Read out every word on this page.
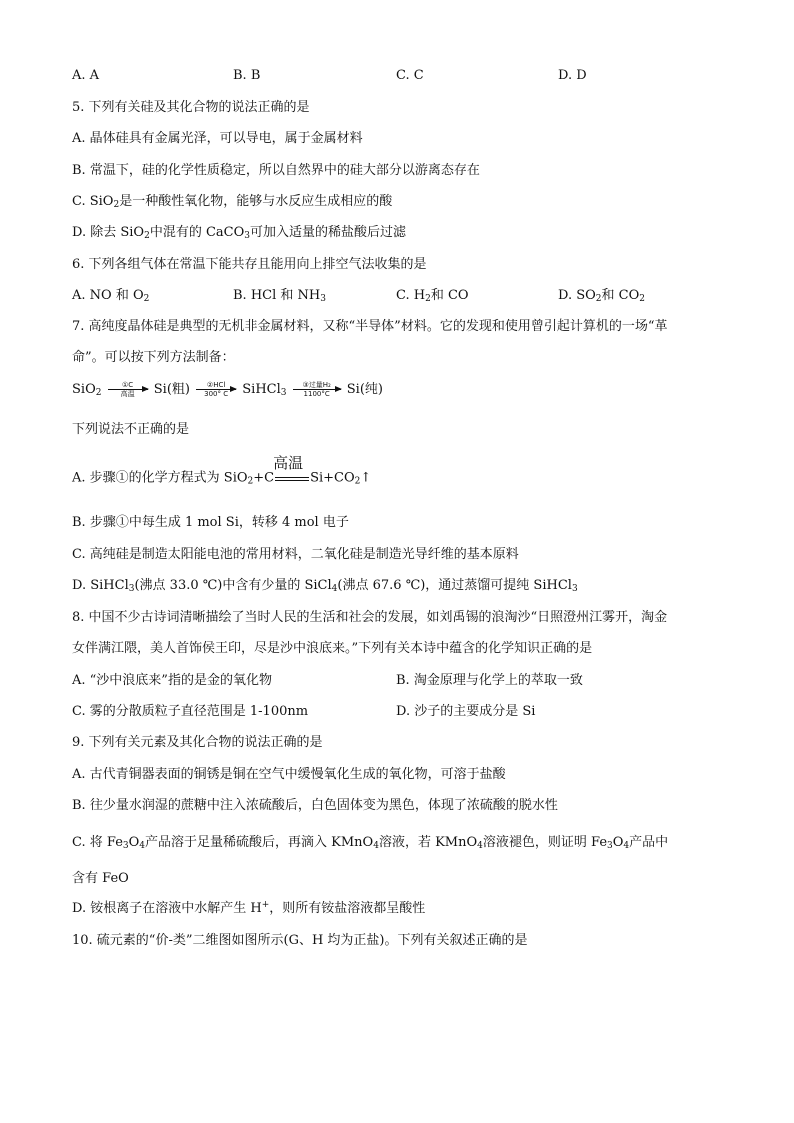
A. A	B. B	C. C	D. D
5. 下列有关硅及其化合物的说法正确的是
A. 晶体硅具有金属光泽，可以导电，属于金属材料
B. 常温下，硅的化学性质稳定，所以自然界中的硅大部分以游离态存在
C. SiO$_2$是一种酸性氧化物，能够与水反应生成相应的酸
D. 除去 SiO$_2$中混有的 CaCO$_3$可加入适量的稀盐酸后过滤
6. 下列各组气体在常温下能共存且能用向上排空气法收集的是
A. NO 和 $O_2$	B. HCl 和 $NH_3$	C. $H_2$和 CO	D. $SO_2$和 $CO_2$
7. 高纯度晶体硅是典型的无机非金属材料，又称“半导体”材料。它的发现和使用曾引起计算机的一场“革
命”。可以按下列方法制备：
SiO$_2$
①C
高温	Si(粗)	②HCl
300° C	SiHCl$_3$
③过量H₂
1100°C	Si(纯)
下列说法不正确的是
A. 步骤①的化学方程式为 SiO$_2$+C
高温
$Si+CO_2↑$
B. 步骤①中每生成 1 mol Si，转移 4 mol 电子
C. 高纯硅是制造太阳能电池的常用材料，二氧化硅是制造光导纤维的基本原料
D. SiHCl$_3$(沸点 33.0 ℃)中含有少量的 SiCl$_4$(沸点 67.6 ℃)，通过蒸馏可提纯 SiHCl$_3$
8. 中国不少古诗词清晰描绘了当时人民的生活和社会的发展，如刘禹锡的浪淘沙“日照澄州江雾开，淘金
女伴满江隈，美人首饰侯王印，尽是沙中浪底来。”下列有关本诗中蕴含的化学知识正确的是
A. “沙中浪底来”指的是金的氧化物	B. 淘金原理与化学上的萃取一致
C. 雾的分散质粒子直径范围是 1-100nm	D. 沙子的主要成分是 Si
9. 下列有关元素及其化合物的说法正确的是
A. 古代青铜器表面的铜锈是铜在空气中缓慢氧化生成的氧化物，可溶于盐酸
B. 往少量水润湿的蔗糖中注入浓硫酸后，白色固体变为黑色，体现了浓硫酸的脱水性
C. 将 $Fe_3O_4$产品溶于足量稀硫酸后，再滴入 KMnO$_4$溶液，若 KMnO$_4$溶液褪色，则证明 $Fe_3O_4$产品中
含有 FeO
D. 铵根离子在溶液中水解产生 H+，则所有铵盐溶液都呈酸性
10. 硫元素的“价-类”二维图如图所示(G、H 均为正盐)。下列有关叙述正确的是
